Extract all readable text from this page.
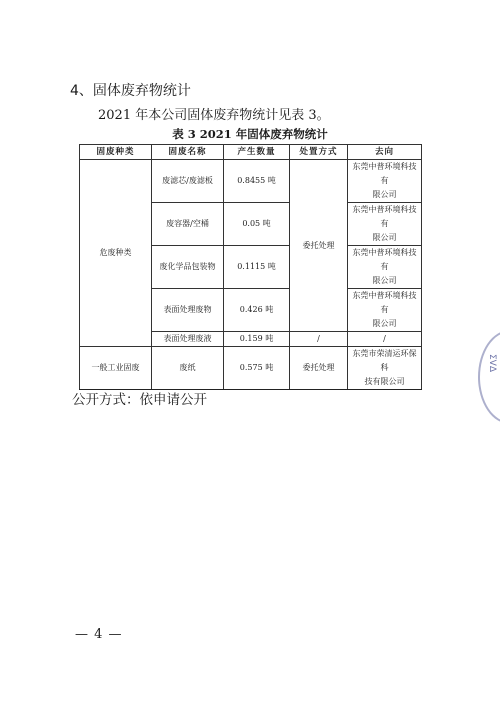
4、固体废弃物统计
2021 年本公司固体废弃物统计见表 3。
表 3 2021 年固体废弃物统计
固废种类	固废名称	产生数量	处置方式	去向
危废种类	废滤芯/废滤板	0.8455 吨	委托处理	东莞中普环境科技有
限公司
	废容器/空桶	0.05 吨		东莞中普环境科技有
限公司
	废化学品包装物	0.1115 吨		东莞中普环境科技有
限公司
	表面处理废物	0.426 吨		东莞中普环境科技有
限公司
	表面处理废液	0.159 吨	/	/
一般工业固废	废纸	0.575 吨	委托处理	东莞市荣清运环保科
技有限公司
公开方式：依申请公开
— 4 —
ΣVΔ
